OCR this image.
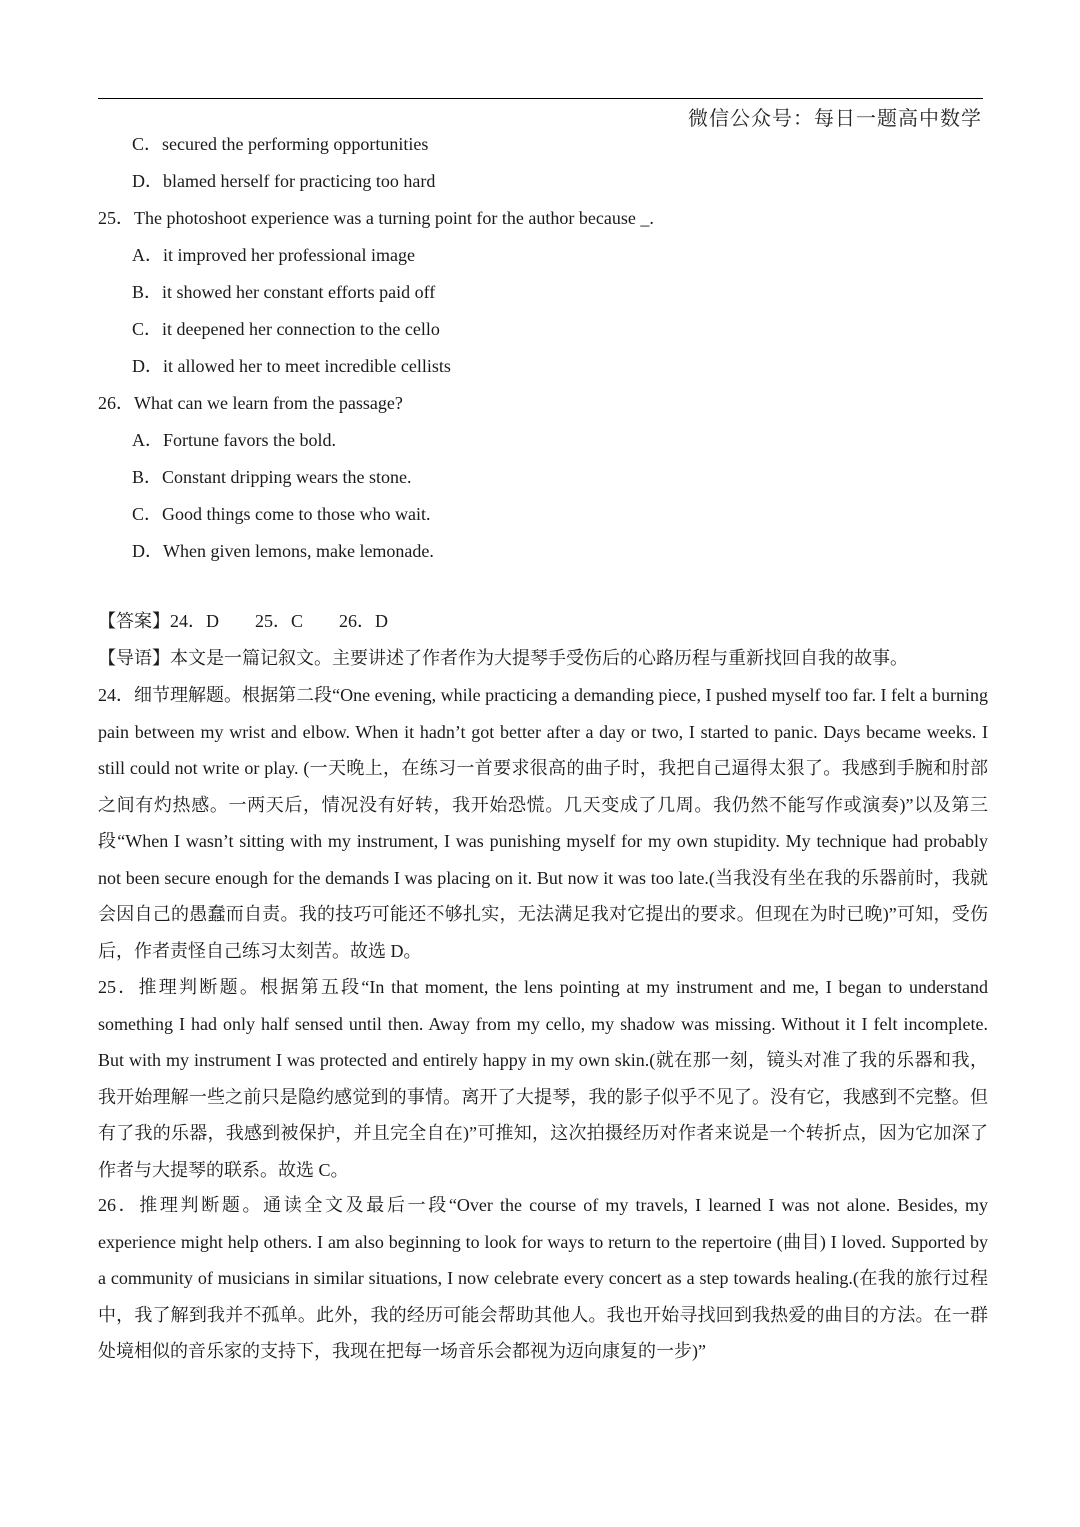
微信公众号：每日一题高中数学
C．secured the performing opportunities
D．blamed herself for practicing too hard
25．The photoshoot experience was a turning point for the author because _.
A．it improved her professional image
B．it showed her constant efforts paid off
C．it deepened her connection to the cello
D．it allowed her to meet incredible cellists
26．What can we learn from the passage?
A．Fortune favors the bold.
B．Constant dripping wears the stone.
C．Good things come to those who wait.
D．When given lemons, make lemonade.
【答案】24．D　　25．C　　26．D
【导语】本文是一篇记叙文。主要讲述了作者作为大提琴手受伤后的心路历程与重新找回自我的故事。
24．细节理解题。根据第二段“One evening, while practicing a demanding piece, I pushed myself too far. I felt a burning pain between my wrist and elbow. When it hadn’t got better after a day or two, I started to panic. Days became weeks. I still could not write or play. (一天晚上，在练习一首要求很高的曲子时，我把自己逼得太狠了。我感到手腕和肘部之间有灼热感。一两天后，情况没有好转，我开始恐慌。几天变成了几周。我仍然不能写作或演奏)”以及第三段“When I wasn’t sitting with my instrument, I was punishing myself for my own stupidity. My technique had probably not been secure enough for the demands I was placing on it. But now it was too late.(当我没有坐在我的乐器前时，我就会因自己的愚蠢而自责。我的技巧可能还不够扎实，无法满足我对它提出的要求。但现在为时已晚)”可知，受伤后，作者责怪自己练习太刻苦。故选 D。
25．推理判断题。根据第五段“In that moment, the lens pointing at my instrument and me, I began to understand something I had only half sensed until then. Away from my cello, my shadow was missing. Without it I felt incomplete. But with my instrument I was protected and entirely happy in my own skin.(就在那一刻，镜头对准了我的乐器和我，我开始理解一些之前只是隐约感觉到的事情。离开了大提琴，我的影子似乎不见了。没有它，我感到不完整。但有了我的乐器，我感到被保护，并且完全自在)”可推知，这次拍摄经历对作者来说是一个转折点，因为它加深了作者与大提琴的联系。故选 C。
26．推理判断题。通读全文及最后一段“Over the course of my travels, I learned I was not alone. Besides, my experience might help others. I am also beginning to look for ways to return to the repertoire (曲目) I loved. Supported by a community of musicians in similar situations, I now celebrate every concert as a step towards healing.(在我的旅行过程中，我了解到我并不孤单。此外，我的经历可能会帮助其他人。我也开始寻找回到我热爱的曲目的方法。在一群处境相似的音乐家的支持下，我现在把每一场音乐会都视为迈向康复的一步)”
